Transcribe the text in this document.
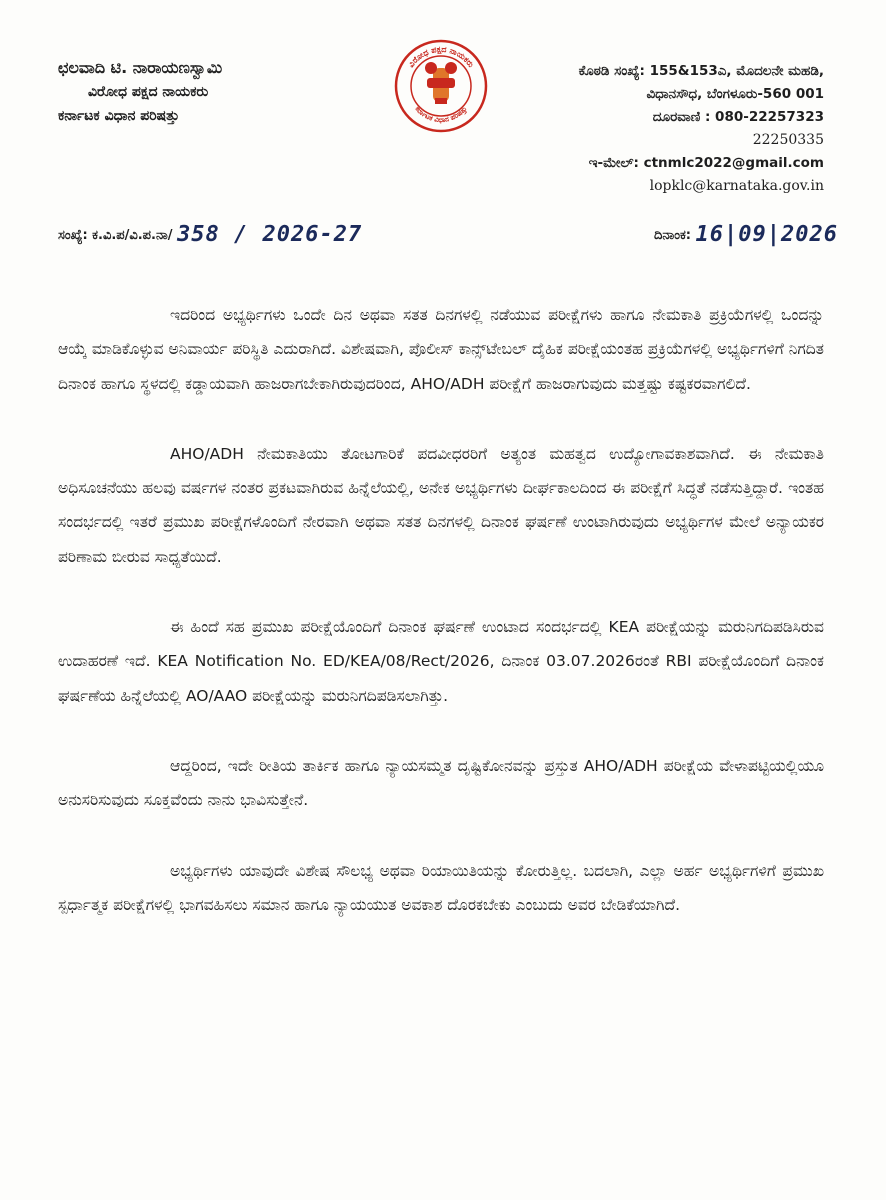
ಛಲವಾದಿ ಟಿ. ನಾರಾಯಣಸ್ವಾಮಿ
ವಿರೋಧ ಪಕ್ಷದ ನಾಯಕರು
ಕರ್ನಾಟಕ ವಿಧಾನ ಪರಿಷತ್ತು
ವಿರೋಧ ಪಕ್ಷದ ನಾಯಕರು
ಕರ್ನಾಟಕ ವಿಧಾನ ಪರಿಷತ್ತು
ಕೊಠಡಿ ಸಂಖ್ಯೆ: 155&153ಎ, ಮೊದಲನೇ ಮಹಡಿ,
ವಿಧಾನಸೌಧ, ಬೆಂಗಳೂರು-560 001
ದೂರವಾಣಿ : 080-22257323
22250335
ಇ-ಮೇಲ್: ctnmlc2022@gmail.com
lopklc@karnataka.gov.in
ಸಂಖ್ಯೆ: ಕ.ವಿ.ಪ/ವಿ.ಪ.ನಾ/ 358 / 2026-27	ದಿನಾಂಕ: 16|09|2026

ಇದರಿಂದ ಅಭ್ಯರ್ಥಿಗಳು ಒಂದೇ ದಿನ ಅಥವಾ ಸತತ ದಿನಗಳಲ್ಲಿ ನಡೆಯುವ ಪರೀಕ್ಷೆಗಳು ಹಾಗೂ ನೇಮಕಾತಿ ಪ್ರಕ್ರಿಯೆಗಳಲ್ಲಿ ಒಂದನ್ನು ಆಯ್ಕೆ ಮಾಡಿಕೊಳ್ಳುವ ಅನಿವಾರ್ಯ ಪರಿಸ್ಥಿತಿ ಎದುರಾಗಿದೆ. ವಿಶೇಷವಾಗಿ, ಪೊಲೀಸ್ ಕಾನ್ಸ್‌ಟೇಬಲ್ ದೈಹಿಕ ಪರೀಕ್ಷೆಯಂತಹ ಪ್ರಕ್ರಿಯೆಗಳಲ್ಲಿ ಅಭ್ಯರ್ಥಿಗಳಿಗೆ ನಿಗದಿತ ದಿನಾಂಕ ಹಾಗೂ ಸ್ಥಳದಲ್ಲಿ ಕಡ್ಡಾಯವಾಗಿ ಹಾಜರಾಗಬೇಕಾಗಿರುವುದರಿಂದ, AHO/ADH ಪರೀಕ್ಷೆಗೆ ಹಾಜರಾಗುವುದು ಮತ್ತಷ್ಟು ಕಷ್ಟಕರವಾಗಲಿದೆ.

AHO/ADH ನೇಮಕಾತಿಯು ತೋಟಗಾರಿಕೆ ಪದವೀಧರರಿಗೆ ಅತ್ಯಂತ ಮಹತ್ವದ ಉದ್ಯೋಗಾವಕಾಶವಾಗಿದೆ. ಈ ನೇಮಕಾತಿ ಅಧಿಸೂಚನೆಯು ಹಲವು ವರ್ಷಗಳ ನಂತರ ಪ್ರಕಟವಾಗಿರುವ ಹಿನ್ನೆಲೆಯಲ್ಲಿ, ಅನೇಕ ಅಭ್ಯರ್ಥಿಗಳು ದೀರ್ಘಕಾಲದಿಂದ ಈ ಪರೀಕ್ಷೆಗೆ ಸಿದ್ಧತೆ ನಡೆಸುತ್ತಿದ್ದಾರೆ. ಇಂತಹ ಸಂದರ್ಭದಲ್ಲಿ ಇತರೆ ಪ್ರಮುಖ ಪರೀಕ್ಷೆಗಳೊಂದಿಗೆ ನೇರವಾಗಿ ಅಥವಾ ಸತತ ದಿನಗಳಲ್ಲಿ ದಿನಾಂಕ ಘರ್ಷಣೆ ಉಂಟಾಗಿರುವುದು ಅಭ್ಯರ್ಥಿಗಳ ಮೇಲೆ ಅನ್ಯಾಯಕರ ಪರಿಣಾಮ ಬೀರುವ ಸಾಧ್ಯತೆಯಿದೆ.

ಈ ಹಿಂದೆ ಸಹ ಪ್ರಮುಖ ಪರೀಕ್ಷೆಯೊಂದಿಗೆ ದಿನಾಂಕ ಘರ್ಷಣೆ ಉಂಟಾದ ಸಂದರ್ಭದಲ್ಲಿ KEA ಪರೀಕ್ಷೆಯನ್ನು ಮರುನಿಗದಿಪಡಿಸಿರುವ ಉದಾಹರಣೆ ಇದೆ. KEA Notification No. ED/KEA/08/Rect/2026, ದಿನಾಂಕ 03.07.2026ರಂತೆ RBI ಪರೀಕ್ಷೆಯೊಂದಿಗೆ ದಿನಾಂಕ ಘರ್ಷಣೆಯ ಹಿನ್ನೆಲೆಯಲ್ಲಿ AO/AAO ಪರೀಕ್ಷೆಯನ್ನು ಮರುನಿಗದಿಪಡಿಸಲಾಗಿತ್ತು.

ಆದ್ದರಿಂದ, ಇದೇ ರೀತಿಯ ತಾರ್ಕಿಕ ಹಾಗೂ ನ್ಯಾಯಸಮ್ಮತ ದೃಷ್ಟಿಕೋನವನ್ನು ಪ್ರಸ್ತುತ AHO/ADH ಪರೀಕ್ಷೆಯ ವೇಳಾಪಟ್ಟಿಯಲ್ಲಿಯೂ ಅನುಸರಿಸುವುದು ಸೂಕ್ತವೆಂದು ನಾನು ಭಾವಿಸುತ್ತೇನೆ.

ಅಭ್ಯರ್ಥಿಗಳು ಯಾವುದೇ ವಿಶೇಷ ಸೌಲಭ್ಯ ಅಥವಾ ರಿಯಾಯಿತಿಯನ್ನು ಕೋರುತ್ತಿಲ್ಲ. ಬದಲಾಗಿ, ಎಲ್ಲಾ ಅರ್ಹ ಅಭ್ಯರ್ಥಿಗಳಿಗೆ ಪ್ರಮುಖ ಸ್ಪರ್ಧಾತ್ಮಕ ಪರೀಕ್ಷೆಗಳಲ್ಲಿ ಭಾಗವಹಿಸಲು ಸಮಾನ ಹಾಗೂ ನ್ಯಾಯಯುತ ಅವಕಾಶ ದೊರಕಬೇಕು ಎಂಬುದು ಅವರ ಬೇಡಿಕೆಯಾಗಿದೆ.
